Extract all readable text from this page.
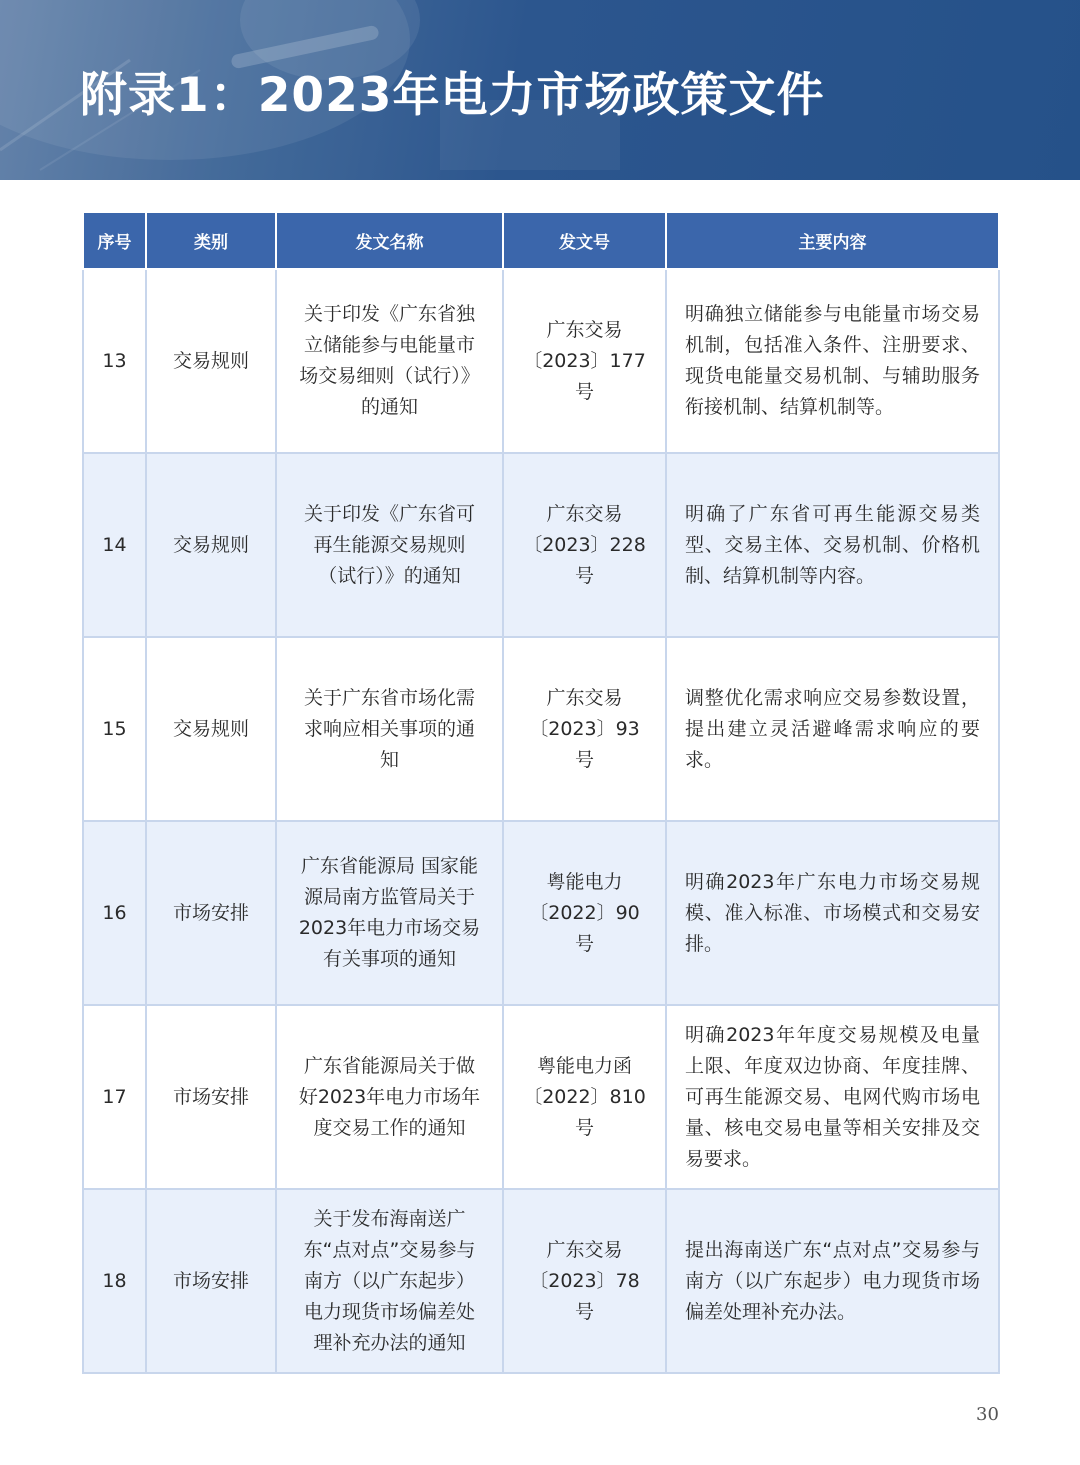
附录1：2023年电力市场政策文件
序号	类别	发文名称	发文号	主要内容
13	交易规则	关于印发《广东省独立储能参与电能量市场交易细则（试行）》的通知	广东交易〔2023〕177 号	明确独立储能参与电能量市场交易机制，包括准入条件、注册要求、现货电能量交易机制、与辅助服务衔接机制、结算机制等。
14	交易规则	关于印发《广东省可再生能源交易规则（试行）》的通知	广东交易〔2023〕228 号	明确了广东省可再生能源交易类型、交易主体、交易机制、价格机制、结算机制等内容。
15	交易规则	关于广东省市场化需求响应相关事项的通知	广东交易〔2023〕93号	调整优化需求响应交易参数设置，提出建立灵活避峰需求响应的要求。
16	市场安排	广东省能源局 国家能源局南方监管局关于2023年电力市场交易有关事项的通知	粤能电力〔2022〕90号	明确2023年广东电力市场交易规模、准入标准、市场模式和交易安排。
17	市场安排	广东省能源局关于做好2023年电力市场年度交易工作的通知	粤能电力函〔2022〕810号	明确2023年年度交易规模及电量上限、年度双边协商、年度挂牌、可再生能源交易、电网代购市场电量、核电交易电量等相关安排及交易要求。
18	市场安排	关于发布海南送广东“点对点”交易参与南方（以广东起步）电力现货市场偏差处理补充办法的通知	广东交易〔2023〕78号	提出海南送广东“点对点”交易参与南方（以广东起步）电力现货市场偏差处理补充办法。
30
